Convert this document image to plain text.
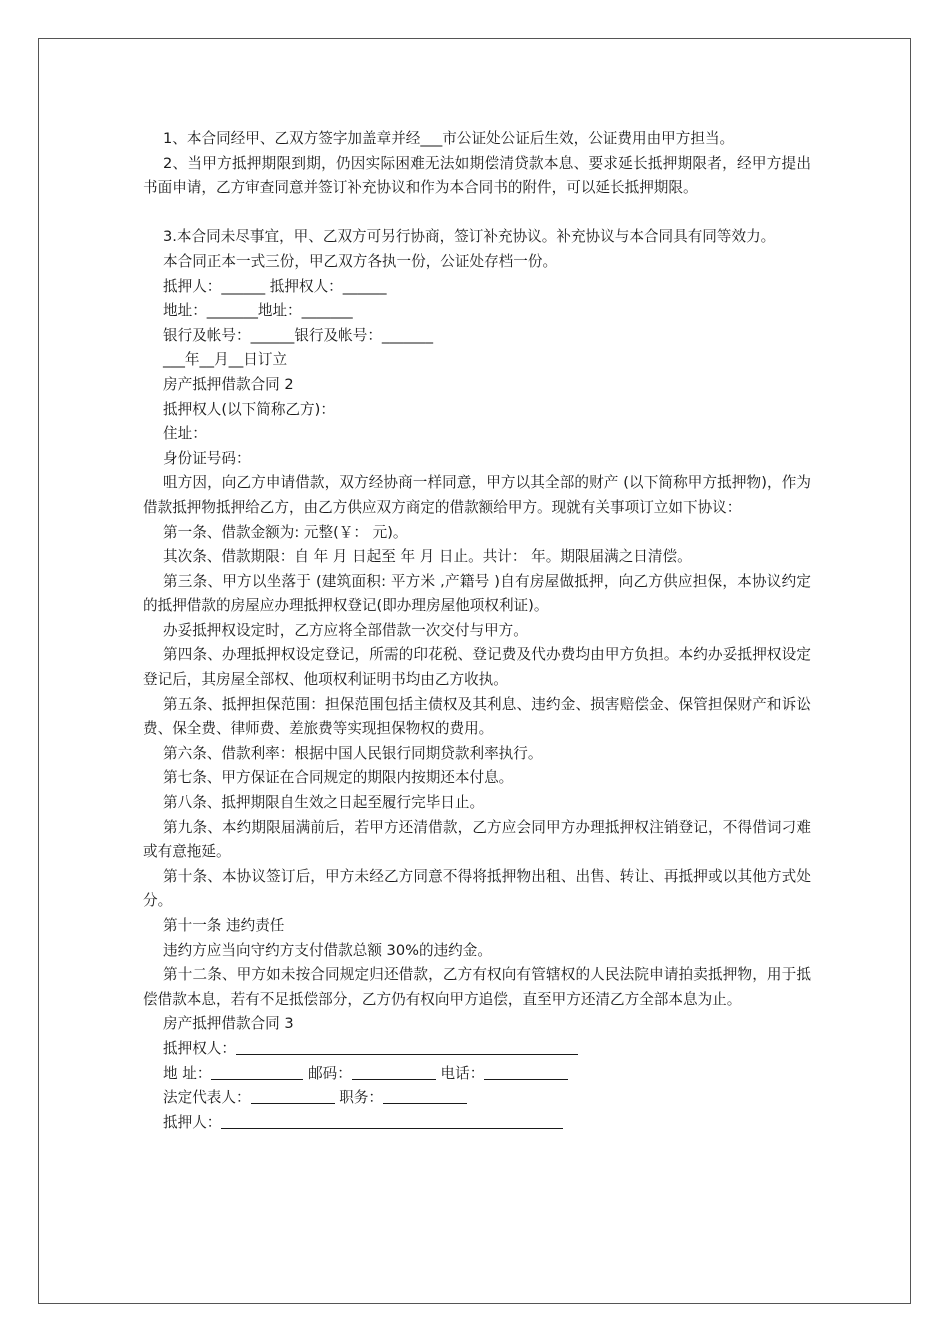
1、本合同经甲、乙双方签字加盖章并经___市公证处公证后生效，公证费用由甲方担当。

2、当甲方抵押期限到期，仍因实际困难无法如期偿清贷款本息、要求延长抵押期限者，经甲方提出书面申请，乙方审查同意并签订补充协议和作为本合同书的附件，可以延长抵押期限。

3.本合同未尽事宜，甲、乙双方可另行协商，签订补充协议。补充协议与本合同具有同等效力。

本合同正本一式三份，甲乙双方各执一份，公证处存档一份。

抵押人：______ 抵押权人：______

地址：_______地址：_______

银行及帐号：______银行及帐号：_______

___年__月__日订立

房产抵押借款合同 2

抵押权人(以下简称乙方)：

住址：

身份证号码：

咀方因，向乙方申请借款，双方经协商一样同意，甲方以其全部的财产 (以下简称甲方抵押物)，作为借款抵押物抵押给乙方，由乙方供应双方商定的借款额给甲方。现就有关事项订立如下协议：

第一条、借款金额为: 元整(￥： 元)。

其次条、借款期限：自 年 月 日起至 年 月 日止。共计： 年。期限届满之日清偿。

第三条、甲方以坐落于 (建筑面积: 平方米 ,产籍号 )自有房屋做抵押，向乙方供应担保，本协议约定的抵押借款的房屋应办理抵押权登记(即办理房屋他项权利证)。

办妥抵押权设定时，乙方应将全部借款一次交付与甲方。

第四条、办理抵押权设定登记，所需的印花税、登记费及代办费均由甲方负担。本约办妥抵押权设定登记后，其房屋全部权、他项权利证明书均由乙方收执。

第五条、抵押担保范围：担保范围包括主债权及其利息、违约金、损害赔偿金、保管担保财产和诉讼费、保全费、律师费、差旅费等实现担保物权的费用。

第六条、借款利率：根据中国人民银行同期贷款利率执行。

第七条、甲方保证在合同规定的期限内按期还本付息。

第八条、抵押期限自生效之日起至履行完毕日止。

第九条、本约期限届满前后，若甲方还清借款，乙方应会同甲方办理抵押权注销登记，不得借词刁难或有意拖延。

第十条、本协议签订后，甲方未经乙方同意不得将抵押物出租、出售、转让、再抵押或以其他方式处分。

第十一条 违约责任

违约方应当向守约方支付借款总额 30%的违约金。

第十二条、甲方如未按合同规定归还借款，乙方有权向有管辖权的人民法院申请拍卖抵押物，用于抵偿借款本息，若有不足抵偿部分，乙方仍有权向甲方追偿，直至甲方还清乙方全部本息为止。

房产抵押借款合同 3

抵押权人：

地 址：	邮码：	电话：

法定代表人：	职务：

抵押人：
